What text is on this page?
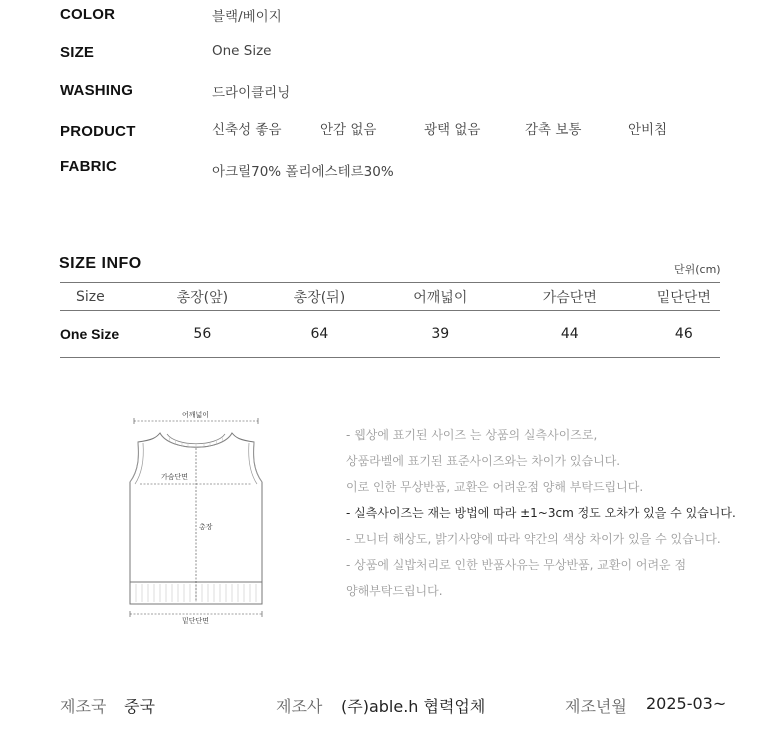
COLOR	블랙/베이지
SIZE	One Size
WASHING	드라이클리닝
PRODUCT	신축성 좋음	안감 없음	광택 없음	감촉 보통	안비침
FABRIC	아크릴70% 폴리에스테르30%
SIZE INFO	단위(cm)
Size	총장(앞)	총장(뒤)	어깨넓이	가슴단면	밑단단면
One Size	56	64	39	44	46
어깨넓이
가슴단면
총장
밑단단면
- 웹상에 표기된 사이즈 는 상품의 실측사이즈로,
상품라벨에 표기된 표준사이즈와는 차이가 있습니다.
이로 인한 무상반품, 교환은 어려운점 양해 부탁드립니다.
- 실측사이즈는 재는 방법에 따라 ±1~3cm 정도 오차가 있을 수 있습니다.
- 모니터 해상도, 밝기사양에 따라 약간의 색상 차이가 있을 수 있습니다.
- 상품에 실밥처리로 인한 반품사유는 무상반품, 교환이 어려운 점
양해부탁드립니다.
제조국 중국	제조사 (주)able.h 협력업체	제조년월 2025-03~
